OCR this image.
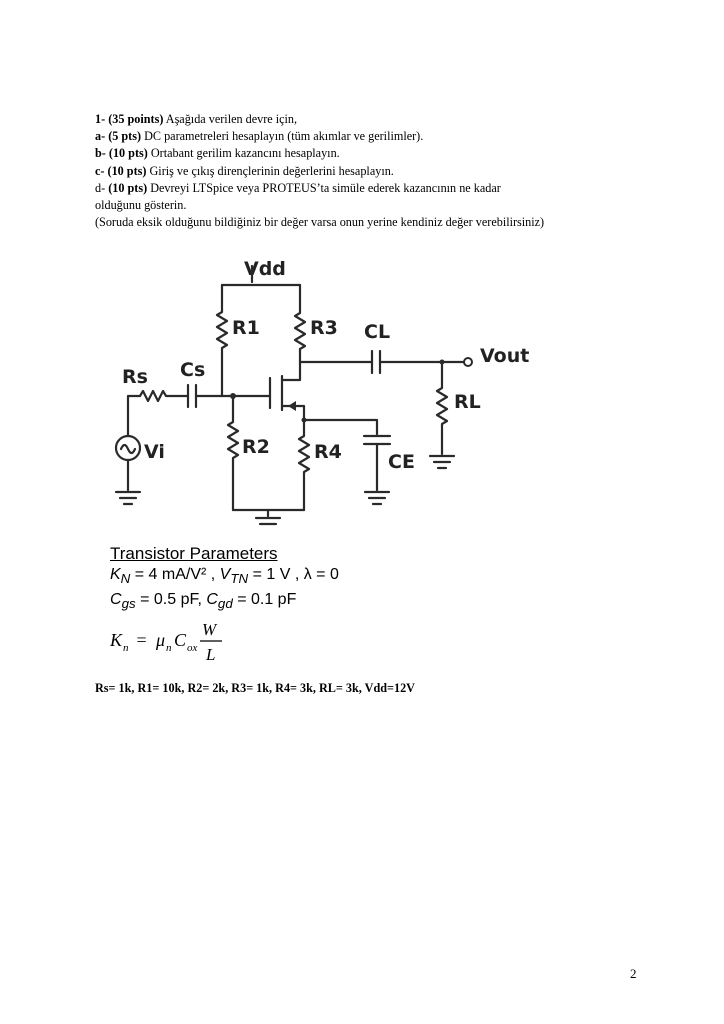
1- (35 points) Aşağıda verilen devre için,
a- (5 pts) DC parametreleri hesaplayın (tüm akımlar ve gerilimler).
b- (10 pts) Ortabant gerilim kazancını hesaplayın.
c- (10 pts) Giriş ve çıkış dirençlerinin değerlerini hesaplayın.
d- (10 pts) Devreyi LTSpice veya PROTEUS’ta simüle ederek kazancının ne kadar
olduğunu gösterin.
(Soruda eksik olduğunu bildiğiniz bir değer varsa onun yerine kendiniz değer verebilirsiniz)
Vdd
R1	R3 CL
Vout
RL
Rs Cs
Vi	R2 R4 CE
Transistor Parameters
$K_N = 4$ mA/V² , $V_{TN} = 1$ V , λ = 0
$C_{gs} = 0.5$ pF, $C_{gd} = 0.1$ pF
K n = μ n C ox
W
L
Rs= 1k, R1= 10k, R2= 2k, R3= 1k, R4= 3k, RL= 3k, Vdd=12V
2
